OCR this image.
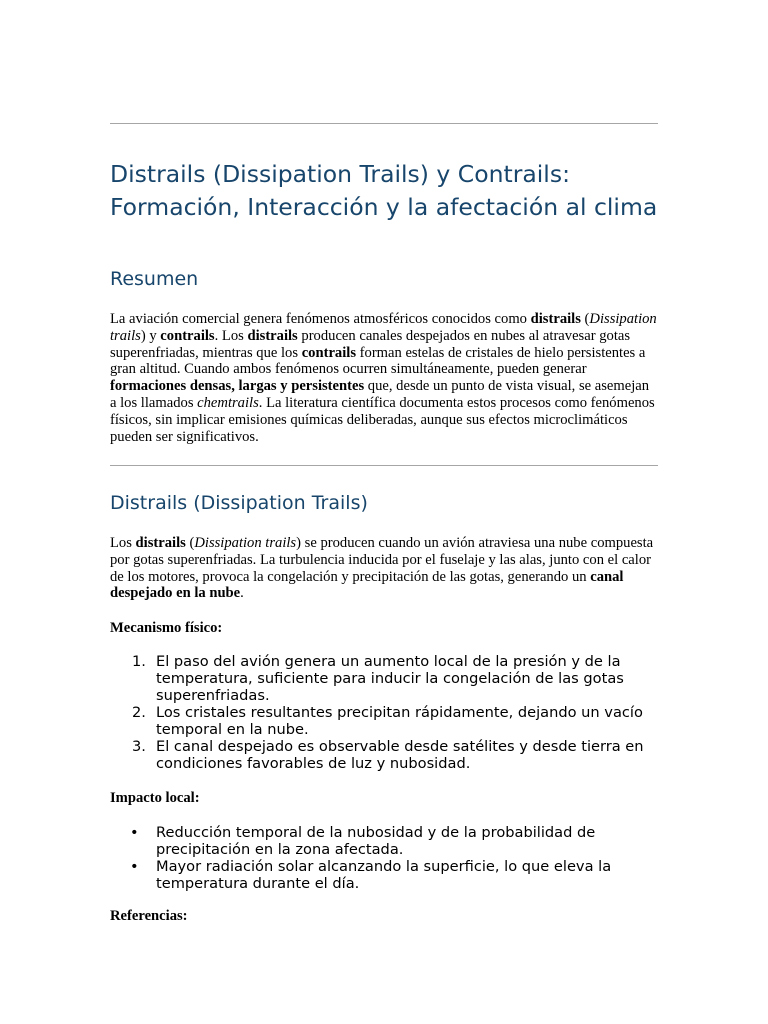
Distrails (Dissipation Trails) y Contrails: Formación, Interacción y la afectación al clima
Resumen

La aviación comercial genera fenómenos atmosféricos conocidos como distrails (Dissipation trails) y contrails. Los distrails producen canales despejados en nubes al atravesar gotas superenfriadas, mientras que los contrails forman estelas de cristales de hielo persistentes a gran altitud. Cuando ambos fenómenos ocurren simultáneamente, pueden generar formaciones densas, largas y persistentes que, desde un punto de vista visual, se asemejan a los llamados chemtrails. La literatura científica documenta estos procesos como fenómenos físicos, sin implicar emisiones químicas deliberadas, aunque sus efectos microclimáticos pueden ser significativos.

Distrails (Dissipation Trails)

Los distrails (Dissipation trails) se producen cuando un avión atraviesa una nube compuesta por gotas superenfriadas. La turbulencia inducida por el fuselaje y las alas, junto con el calor de los motores, provoca la congelación y precipitación de las gotas, generando un canal despejado en la nube.

Mecanismo físico:

1. El paso del avión genera un aumento local de la presión y de la temperatura, suficiente para inducir la congelación de las gotas superenfriadas.
2. Los cristales resultantes precipitan rápidamente, dejando un vacío temporal en la nube.
3. El canal despejado es observable desde satélites y desde tierra en condiciones favorables de luz y nubosidad.

Impacto local:

• Reducción temporal de la nubosidad y de la probabilidad de precipitación en la zona afectada.
• Mayor radiación solar alcanzando la superficie, lo que eleva la temperatura durante el día.

Referencias:
